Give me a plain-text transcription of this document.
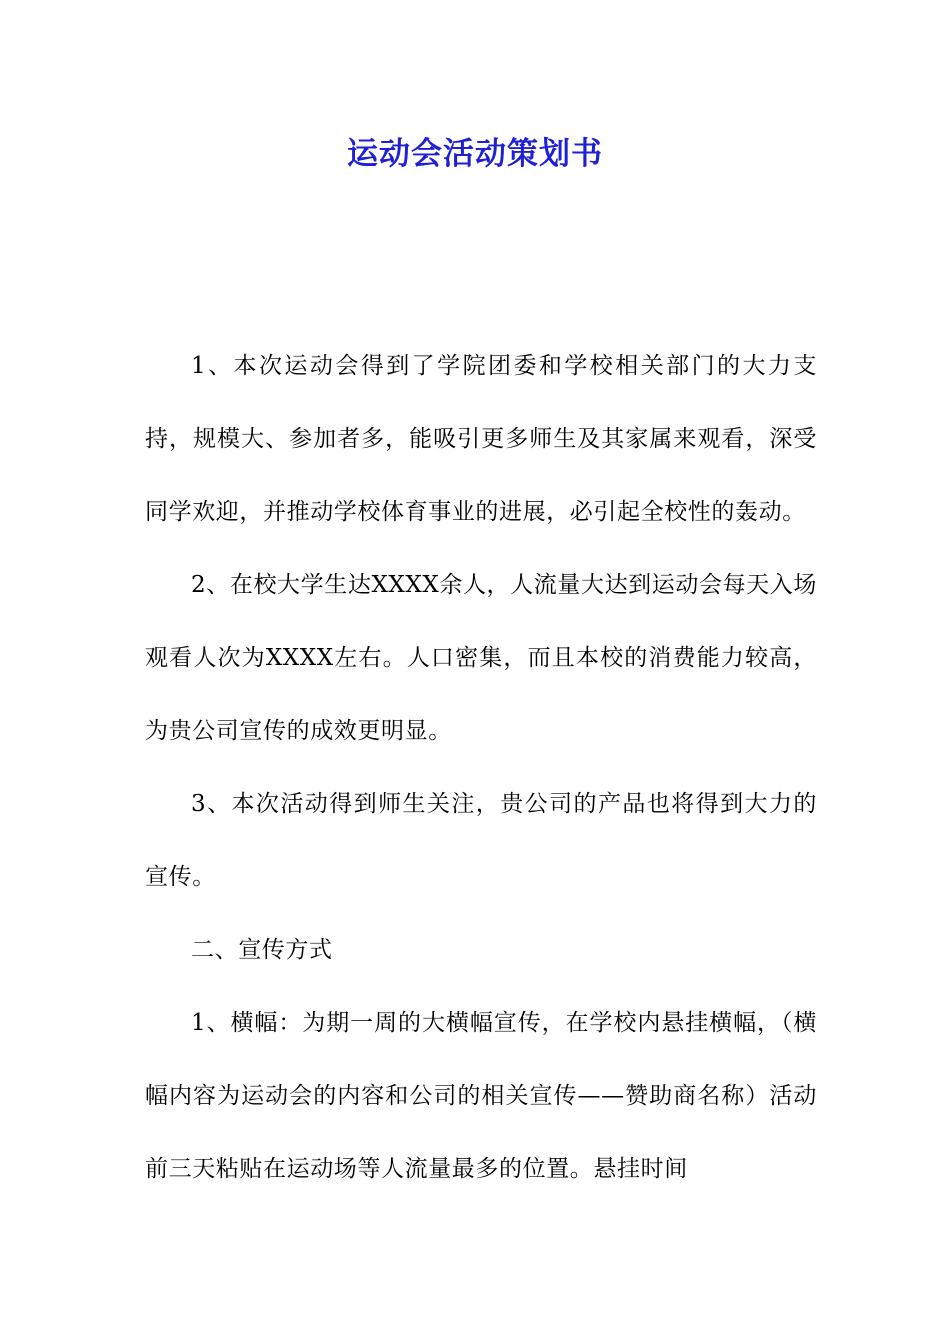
运动会活动策划书

1、本次运动会得到了学院团委和学校相关部门的大力支持，规模大、参加者多，能吸引更多师生及其家属来观看，深受同学欢迎，并推动学校体育事业的进展，必引起全校性的轰动。

2、在校大学生达XXXX余人，人流量大达到运动会每天入场观看人次为XXXX左右。人口密集，而且本校的消费能力较高，为贵公司宣传的成效更明显。

3、本次活动得到师生关注，贵公司的产品也将得到大力的宣传。

二、宣传方式

1、横幅：为期一周的大横幅宣传，在学校内悬挂横幅，（横幅内容为运动会的内容和公司的相关宣传——赞助商名称）活动前三天粘贴在运动场等人流量最多的位置。悬挂时间
